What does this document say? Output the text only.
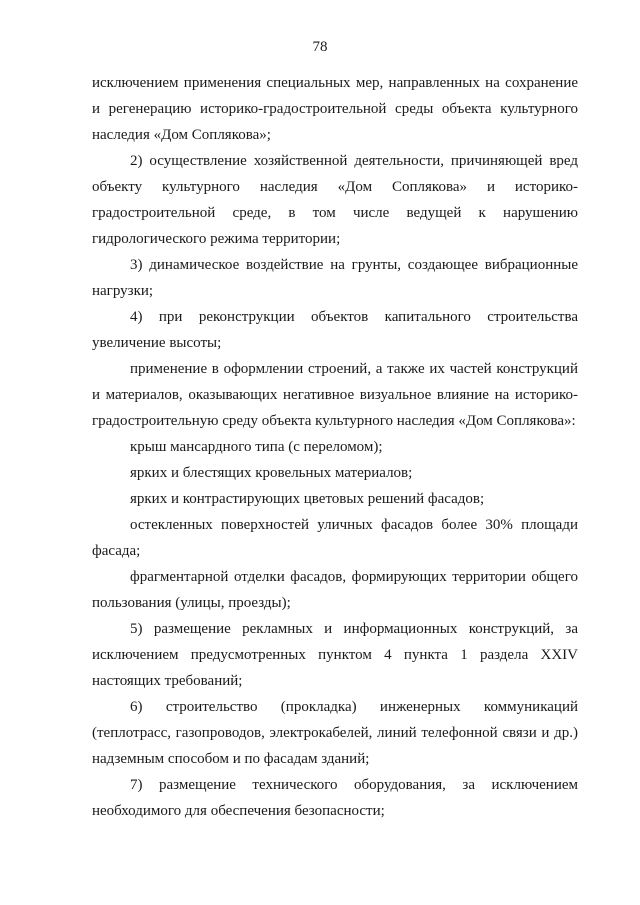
78

исключением применения специальных мер, направленных на сохранение и регенерацию историко-градостроительной среды объекта культурного наследия «Дом Соплякова»;

2) осуществление хозяйственной деятельности, причиняющей вред объекту культурного наследия «Дом Соплякова» и историко-градостроительной среде, в том числе ведущей к нарушению гидрологического режима территории;

3) динамическое воздействие на грунты, создающее вибрационные нагрузки;

4) при реконструкции объектов капитального строительства увеличение высоты;

применение в оформлении строений, а также их частей конструкций и материалов, оказывающих негативное визуальное влияние на историко-градостроительную среду объекта культурного наследия «Дом Соплякова»:

крыш мансардного типа (с переломом);

ярких и блестящих кровельных материалов;

ярких и контрастирующих цветовых решений фасадов;

остекленных поверхностей уличных фасадов более 30% площади фасада;

фрагментарной отделки фасадов, формирующих территории общего пользования (улицы, проезды);

5) размещение рекламных и информационных конструкций, за исключением предусмотренных пунктом 4 пункта 1 раздела XXIV настоящих требований;

6) строительство (прокладка) инженерных коммуникаций (теплотрасс, газопроводов, электрокабелей, линий телефонной связи и др.) надземным способом и по фасадам зданий;

7) размещение технического оборудования, за исключением необходимого для обеспечения безопасности;
